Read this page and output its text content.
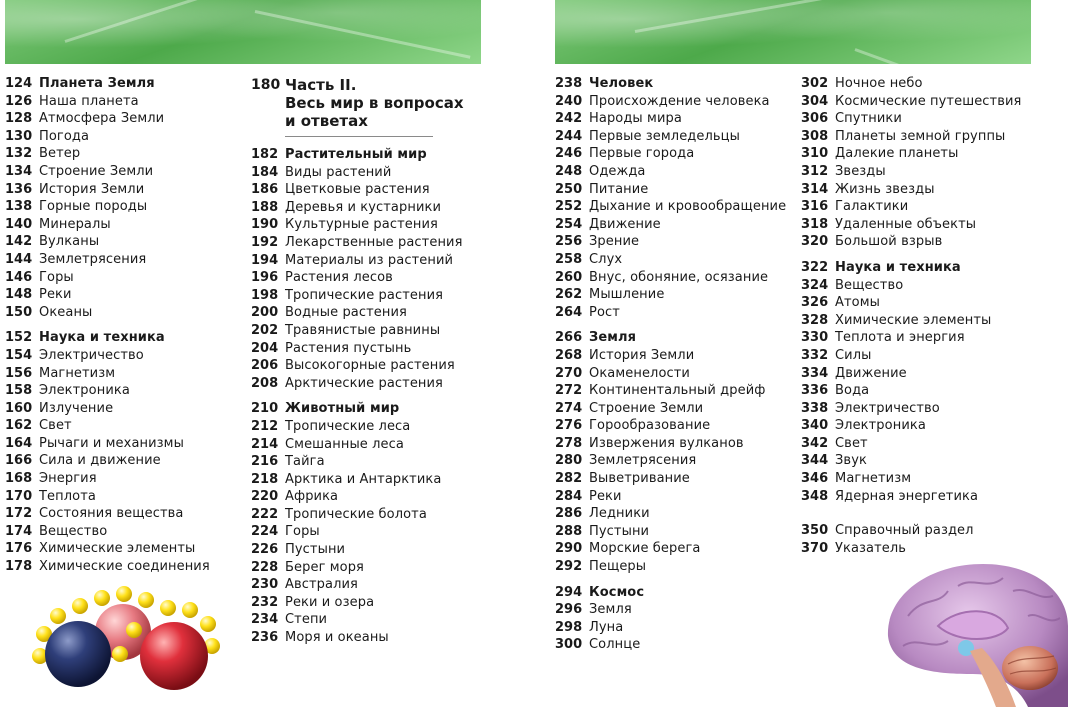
124 Планета Земля
126 Наша планета
128 Атмосфера Земли
130 Погода
132 Ветер
134 Строение Земли
136 История Земли
138 Горные породы
140 Минералы
142 Вулканы
144 Землетрясения
146 Горы
148 Реки
150 Океаны
152 Наука и техника
154 Электричество
156 Магнетизм
158 Электроника
160 Излучение
162 Свет
164 Рычаги и механизмы
166 Сила и движение
168 Энергия
170 Теплота
172 Состояния вещества
174 Вещество
176 Химические элементы
178 Химические соединения
180 Часть II.
Весь мир в вопросах
и ответах
182 Растительный мир
184 Виды растений
186 Цветковые растения
188 Деревья и кустарники
190 Культурные растения
192 Лекарственные растения
194 Материалы из растений
196 Растения лесов
198 Тропические растения
200 Водные растения
202 Травянистые равнины
204 Растения пустынь
206 Высокогорные растения
208 Арктические растения
210 Животный мир
212 Тропические леса
214 Смешанные леса
216 Тайга
218 Арктика и Антарктика
220 Африка
222 Тропические болота
224 Горы
226 Пустыни
228 Берег моря
230 Австралия
232 Реки и озера
234 Степи
236 Моря и океаны
238 Человек
240 Происхождение человека
242 Народы мира
244 Первые земледельцы
246 Первые города
248 Одежда
250 Питание
252 Дыхание и кровообращение
254 Движение
256 Зрение
258 Слух
260 Внус, обоняние, осязание
262 Мышление
264 Рост
266 Земля
268 История Земли
270 Окаменелости
272 Континентальный дрейф
274 Строение Земли
276 Горообразование
278 Извержения вулканов
280 Землетрясения
282 Выветривание
284 Реки
286 Ледники
288 Пустыни
290 Морские берега
292 Пещеры
294 Космос
296 Земля
298 Луна
300 Солнце
302 Ночное небо
304 Космические путешествия
306 Спутники
308 Планеты земной группы
310 Далекие планеты
312 Звезды
314 Жизнь звезды
316 Галактики
318 Удаленные объекты
320 Большой взрыв
322 Наука и техника
324 Вещество
326 Атомы
328 Химические элементы
330 Теплота и энергия
332 Силы
334 Движение
336 Вода
338 Электричество
340 Электроника
342 Свет
344 Звук
346 Магнетизм
348 Ядерная энергетика
350 Справочный раздел
370 Указатель
